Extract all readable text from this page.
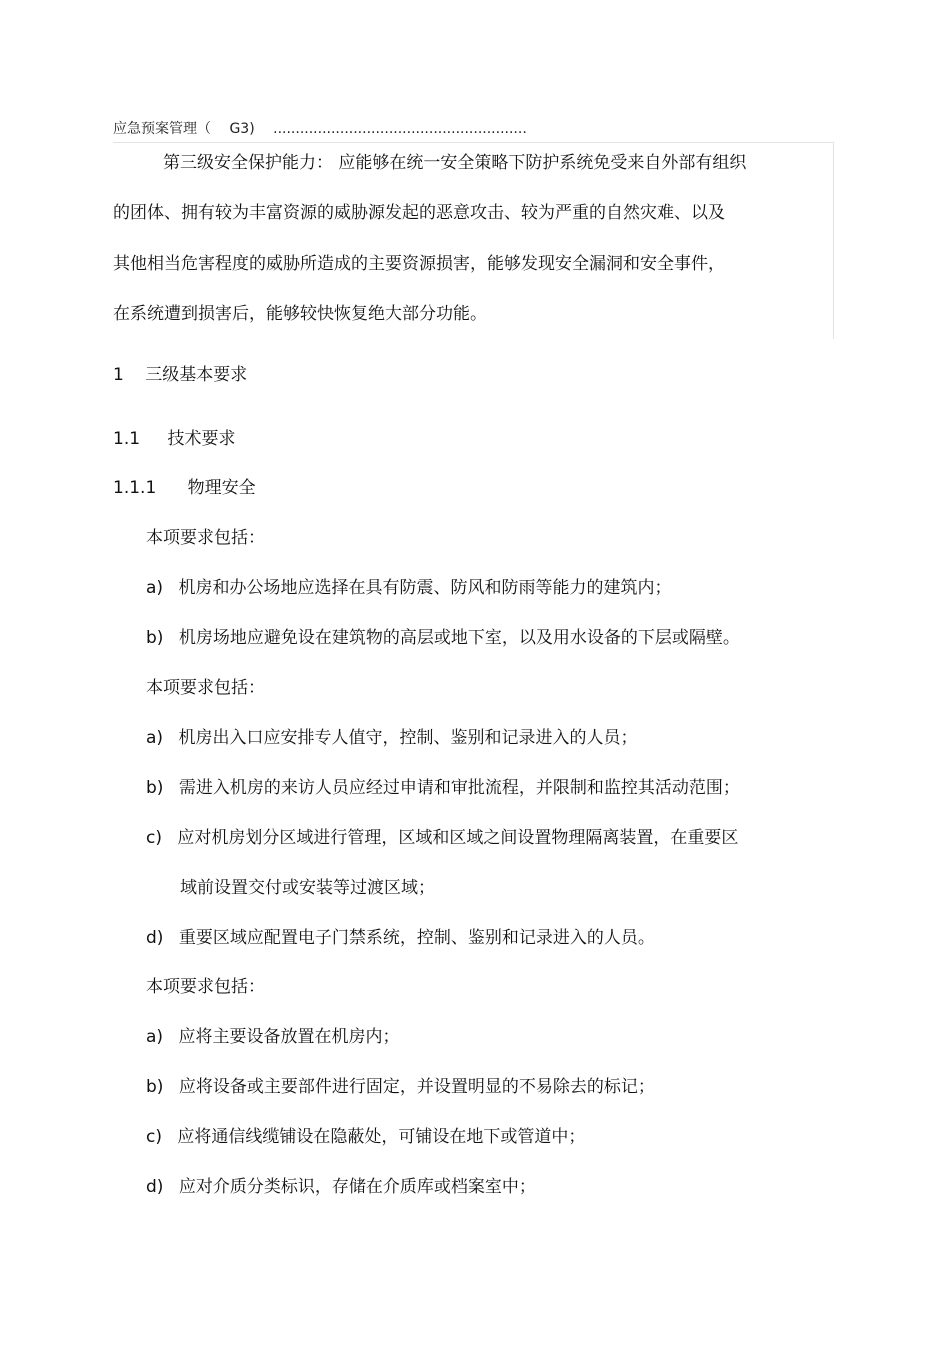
应急预案管理（ G3) .........................................................
第三级安全保护能力： 应能够在统一安全策略下防护系统免受来自外部有组织
的团体、拥有较为丰富资源的威胁源发起的恶意攻击、较为严重的自然灾难、以及
其他相当危害程度的威胁所造成的主要资源损害，能够发现安全漏洞和安全事件，
在系统遭到损害后，能够较快恢复绝大部分功能。
1 三级基本要求
1.1 技术要求
1.1.1 物理安全
本项要求包括：
a) 机房和办公场地应选择在具有防震、防风和防雨等能力的建筑内；
b) 机房场地应避免设在建筑物的高层或地下室，以及用水设备的下层或隔壁。
本项要求包括：
a) 机房出入口应安排专人值守，控制、鉴别和记录进入的人员；
b) 需进入机房的来访人员应经过申请和审批流程，并限制和监控其活动范围；
c) 应对机房划分区域进行管理，区域和区域之间设置物理隔离装置，在重要区
域前设置交付或安装等过渡区域；
d) 重要区域应配置电子门禁系统，控制、鉴别和记录进入的人员。
本项要求包括：
a) 应将主要设备放置在机房内；
b) 应将设备或主要部件进行固定，并设置明显的不易除去的标记；
c) 应将通信线缆铺设在隐蔽处，可铺设在地下或管道中；
d) 应对介质分类标识，存储在介质库或档案室中；
